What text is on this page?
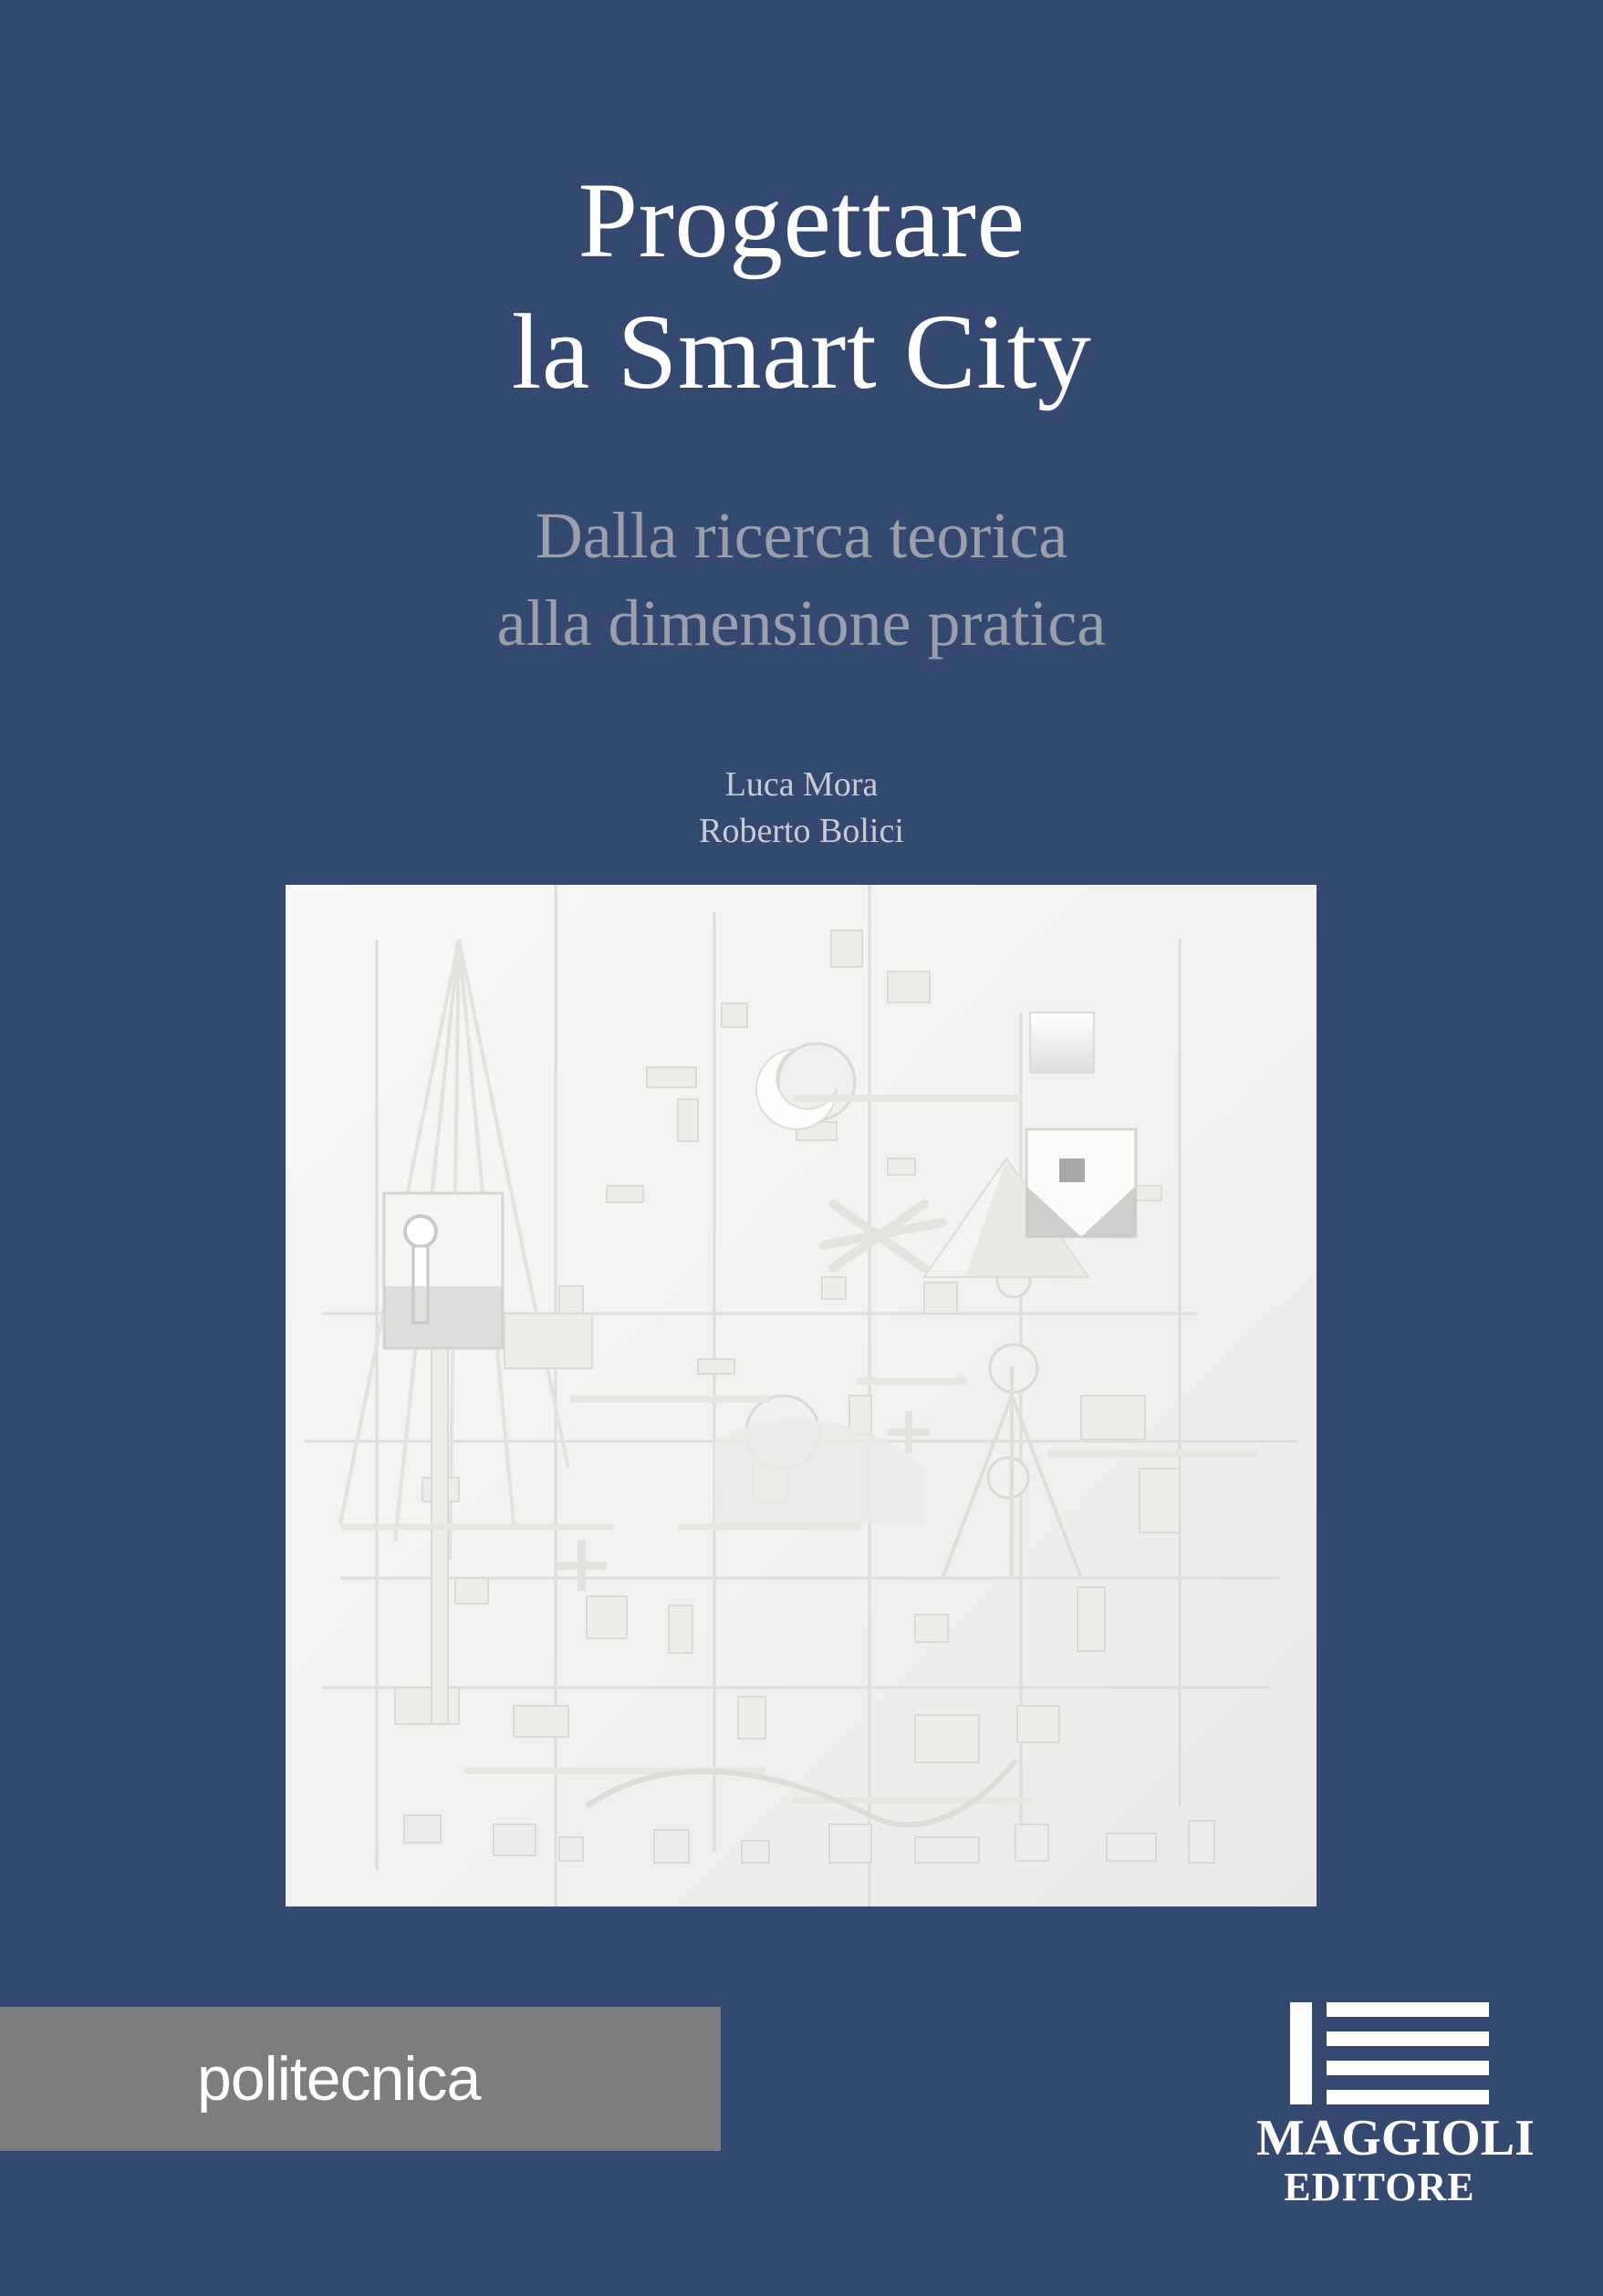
Progettare
la Smart City
Dalla ricerca teorica
alla dimensione pratica
Luca Mora
Roberto Bolici
politecnica
MAGGIOLI
EDITORE
